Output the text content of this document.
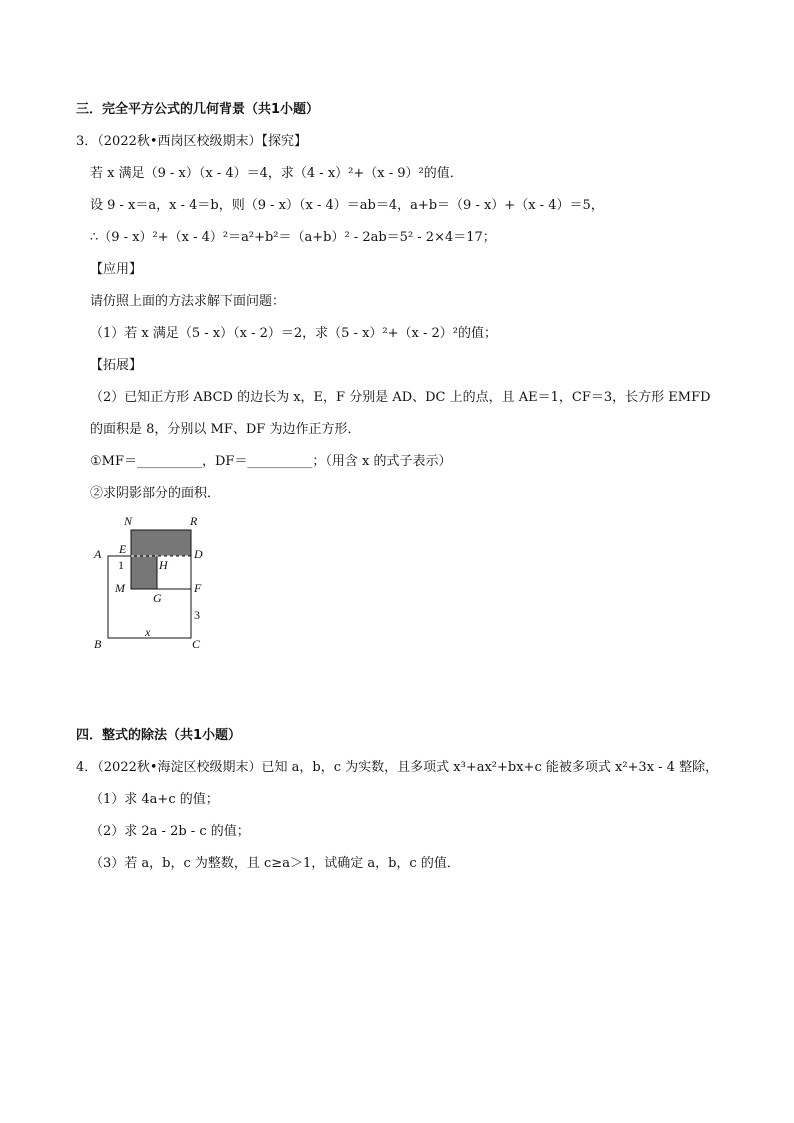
三．完全平方公式的几何背景（共1小题）
3．（2022秋•西岗区校级期末）【探究】
若 x 满足（9 - x）（x - 4）＝4，求（4 - x）²+（x - 9）²的值．
设 9 - x＝a，x - 4＝b，则（9 - x）（x - 4）＝ab＝4，a+b＝（9 - x）+（x - 4）＝5，
∴（9 - x）²+（x - 4）²＝a²+b²＝（a+b）² - 2ab＝5² - 2×4＝17；
【应用】
请仿照上面的方法求解下面问题：
（1）若 x 满足（5 - x）（x - 2）＝2，求（5 - x）²+（x - 2）²的值；
【拓展】
（2）已知正方形 ABCD 的边长为 x，E，F 分别是 AD、DC 上的点，且 AE＝1，CF＝3，长方形 EMFD
的面积是 8，分别以 MF、DF 为边作正方形．
①MF＝__________，DF＝__________；（用含 x 的式子表示）
②求阴影部分的面积．
N	R
A E	D
1	H
M	F
G
3
x
B	C
四．整式的除法（共1小题）
4．（2022秋•海淀区校级期末）已知 a，b，c 为实数，且多项式 x³+ax²+bx+c 能被多项式 x²+3x - 4 整除，
（1）求 4a+c 的值；
（2）求 2a - 2b - c 的值；
（3）若 a，b，c 为整数，且 c≥a＞1，试确定 a，b，c 的值．
